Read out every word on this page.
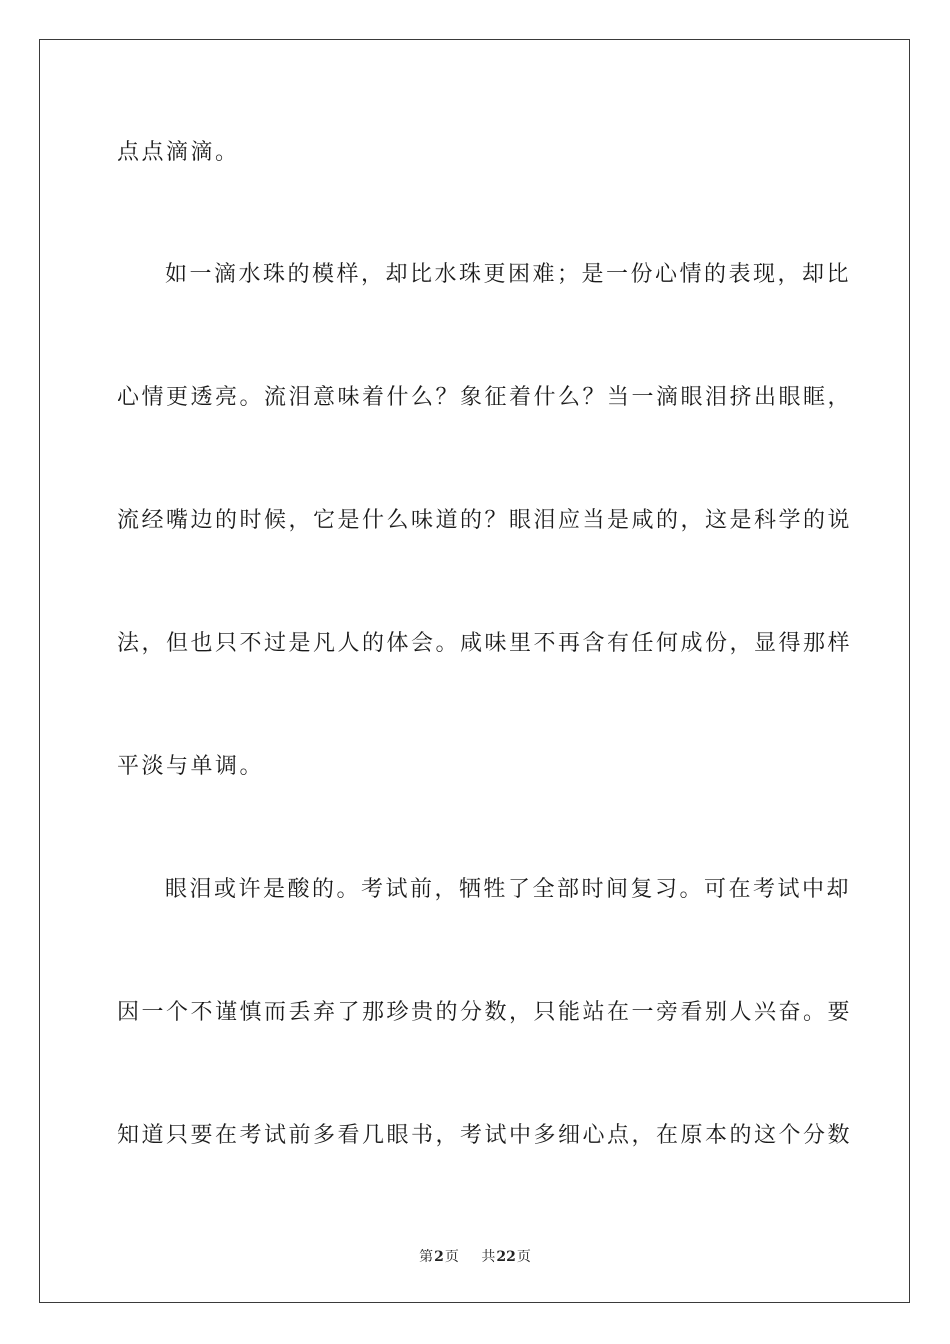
点点滴滴。
如一滴水珠的模样，却比水珠更困难；是一份心情的表现，却比
心情更透亮。流泪意味着什么？象征着什么？当一滴眼泪挤出眼眶，
流经嘴边的时候，它是什么味道的？眼泪应当是咸的，这是科学的说
法，但也只不过是凡人的体会。咸味里不再含有任何成份，显得那样
平淡与单调。
眼泪或许是酸的。考试前，牺牲了全部时间复习。可在考试中却
因一个不谨慎而丢弃了那珍贵的分数，只能站在一旁看别人兴奋。要
知道只要在考试前多看几眼书，考试中多细心点，在原本的这个分数
第2页 共22页
